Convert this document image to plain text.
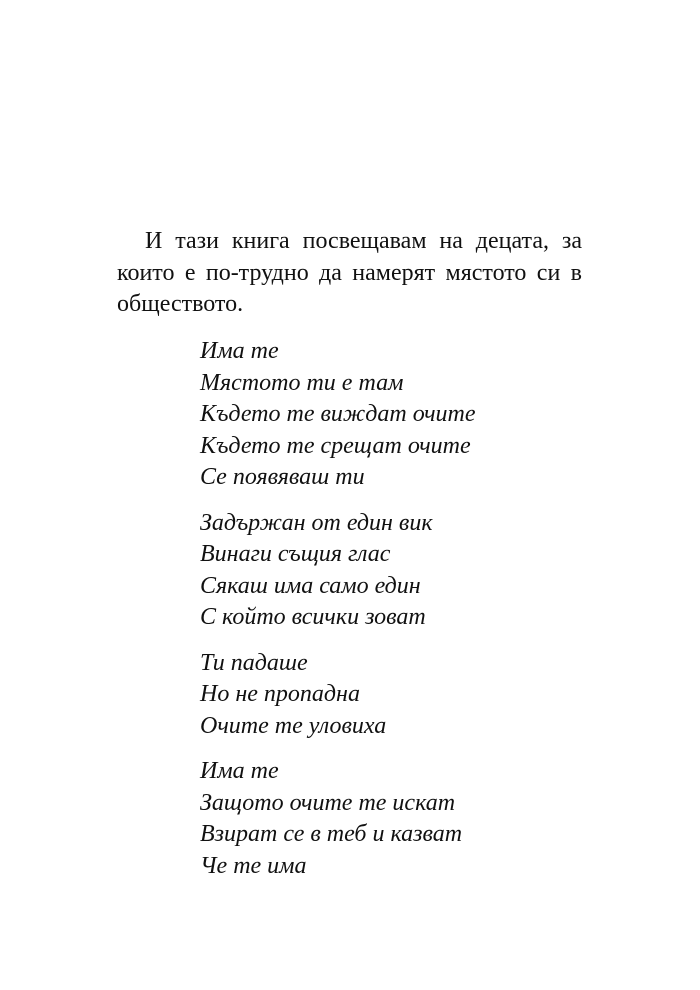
И тази книга посвещавам на децата, за които е по-трудно да намерят мястото си в обществото.

Има те
Мястото ти е там
Където те виждат очите
Където те срещат очите
Се появяваш ти
Задържан от един вик
Винаги същия глас
Сякаш има само един
С който всички зоват
Ти падаше
Но не пропадна
Очите те уловиха
Има те
Защото очите те искат
Взират се в теб и казват
Че те има
